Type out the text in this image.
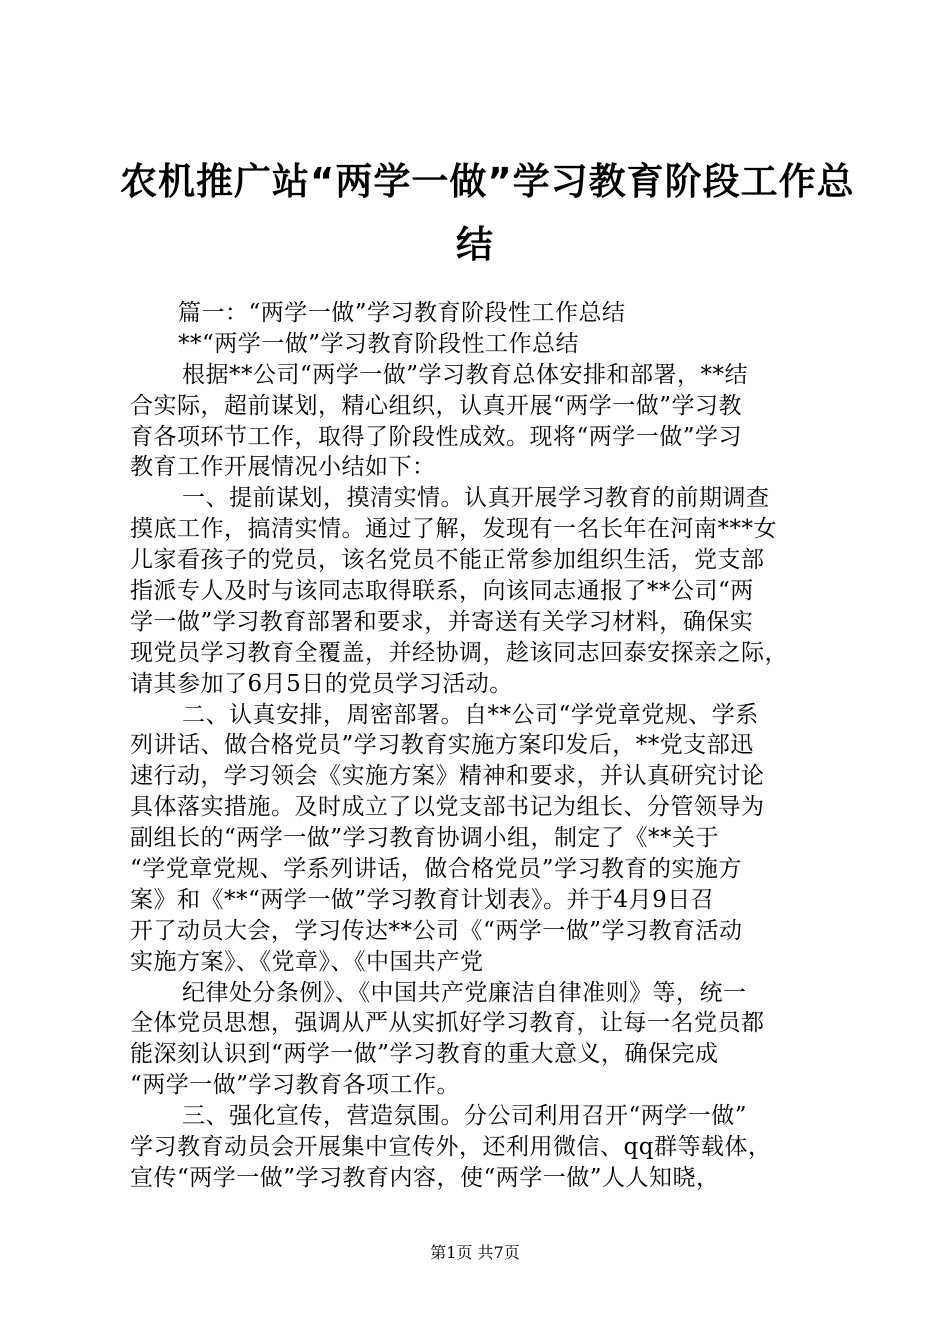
农机推广站“两学一做”学习教育阶段工作总
结
篇一：“两学一做”学习教育阶段性工作总结
**“两学一做”学习教育阶段性工作总结
根据**公司“两学一做”学习教育总体安排和部署，**结
合实际，超前谋划，精心组织，认真开展“两学一做”学习教
育各项环节工作，取得了阶段性成效。现将“两学一做”学习
教育工作开展情况小结如下：
一、提前谋划，摸清实情。认真开展学习教育的前期调查
摸底工作，搞清实情。通过了解，发现有一名长年在河南***女
儿家看孩子的党员，该名党员不能正常参加组织生活，党支部
指派专人及时与该同志取得联系，向该同志通报了**公司“两
学一做”学习教育部署和要求，并寄送有关学习材料，确保实
现党员学习教育全覆盖，并经协调，趁该同志回泰安探亲之际，
请其参加了6月5日的党员学习活动。
二、认真安排，周密部署。自**公司“学党章党规、学系
列讲话、做合格党员”学习教育实施方案印发后，**党支部迅
速行动，学习领会《实施方案》精神和要求，并认真研究讨论
具体落实措施。及时成立了以党支部书记为组长、分管领导为
副组长的“两学一做”学习教育协调小组，制定了《**关于
“学党章党规、学系列讲话，做合格党员”学习教育的实施方
案》和《**“两学一做”学习教育计划表》。并于4月9日召
开了动员大会，学习传达**公司《“两学一做”学习教育活动
实施方案》、《党章》、《中国共产党
纪律处分条例》、《中国共产党廉洁自律准则》等，统一
全体党员思想，强调从严从实抓好学习教育，让每一名党员都
能深刻认识到“两学一做”学习教育的重大意义，确保完成
“两学一做”学习教育各项工作。
三、强化宣传，营造氛围。分公司利用召开“两学一做”
学习教育动员会开展集中宣传外，还利用微信、qq群等载体，
宣传“两学一做”学习教育内容，使“两学一做”人人知晓，
第1页 共7页
